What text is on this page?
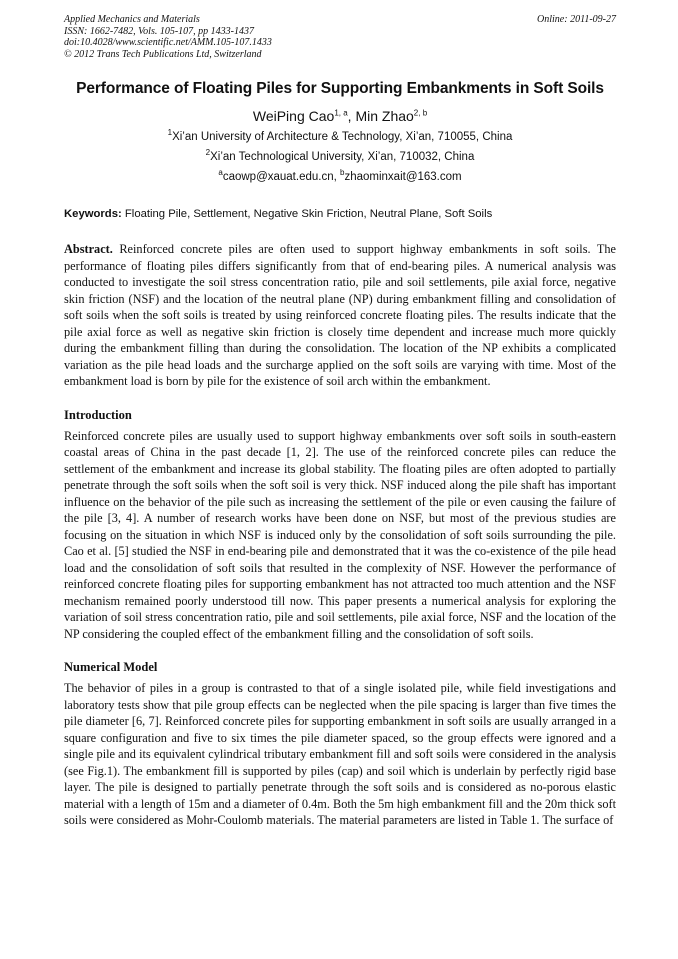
Applied Mechanics and Materials
ISSN: 1662-7482, Vols. 105-107, pp 1433-1437
doi:10.4028/www.scientific.net/AMM.105-107.1433
© 2012 Trans Tech Publications Ltd, Switzerland
Online: 2011-09-27
Performance of Floating Piles for Supporting Embankments in Soft Soils
WeiPing Cao$^{1, a}$, Min Zhao$^{2, b}$
$^1$Xi’an University of Architecture & Technology, Xi’an, 710055, China
$^2$Xi’an Technological University, Xi’an, 710032, China
$^a$caowp@xauat.edu.cn, $^b$zhaominxait@163.com
Keywords: Floating Pile, Settlement, Negative Skin Friction, Neutral Plane, Soft Soils

Abstract. Reinforced concrete piles are often used to support highway embankments in soft soils. The performance of floating piles differs significantly from that of end-bearing piles. A numerical analysis was conducted to investigate the soil stress concentration ratio, pile and soil settlements, pile axial force, negative skin friction (NSF) and the location of the neutral plane (NP) during embankment filling and consolidation of soft soils when the soft soils is treated by using reinforced concrete floating piles. The results indicate that the pile axial force as well as negative skin friction is closely time dependent and increase much more quickly during the embankment filling than during the consolidation. The location of the NP exhibits a complicated variation as the pile head loads and the surcharge applied on the soft soils are varying with time. Most of the embankment load is born by pile for the existence of soil arch within the embankment.

Introduction

Reinforced concrete piles are usually used to support highway embankments over soft soils in south-eastern coastal areas of China in the past decade [1, 2]. The use of the reinforced concrete piles can reduce the settlement of the embankment and increase its global stability. The floating piles are often adopted to partially penetrate through the soft soils when the soft soil is very thick. NSF induced along the pile shaft has important influence on the behavior of the pile such as increasing the settlement of the pile or even causing the failure of the pile [3, 4]. A number of research works have been done on NSF, but most of the previous studies are focusing on the situation in which NSF is induced only by the consolidation of soft soils surrounding the pile. Cao et al. [5] studied the NSF in end-bearing pile and demonstrated that it was the co-existence of the pile head load and the consolidation of soft soils that resulted in the complexity of NSF. However the performance of reinforced concrete floating piles for supporting embankment has not attracted too much attention and the NSF mechanism remained poorly understood till now. This paper presents a numerical analysis for exploring the variation of soil stress concentration ratio, pile and soil settlements, pile axial force, NSF and the location of the NP considering the coupled effect of the embankment filling and the consolidation of soft soils.

Numerical Model

The behavior of piles in a group is contrasted to that of a single isolated pile, while field investigations and laboratory tests show that pile group effects can be neglected when the pile spacing is larger than five times the pile diameter [6, 7]. Reinforced concrete piles for supporting embankment in soft soils are usually arranged in a square configuration and five to six times the pile diameter spaced, so the group effects were ignored and a single pile and its equivalent cylindrical tributary embankment fill and soft soils were considered in the analysis (see Fig.1). The embankment fill is supported by piles (cap) and soil which is underlain by perfectly rigid base layer. The pile is designed to partially penetrate through the soft soils and is considered as no-porous elastic material with a length of 15m and a diameter of 0.4m. Both the 5m high embankment fill and the 20m thick soft soils were considered as Mohr-Coulomb materials. The material parameters are listed in Table 1. The surface of
